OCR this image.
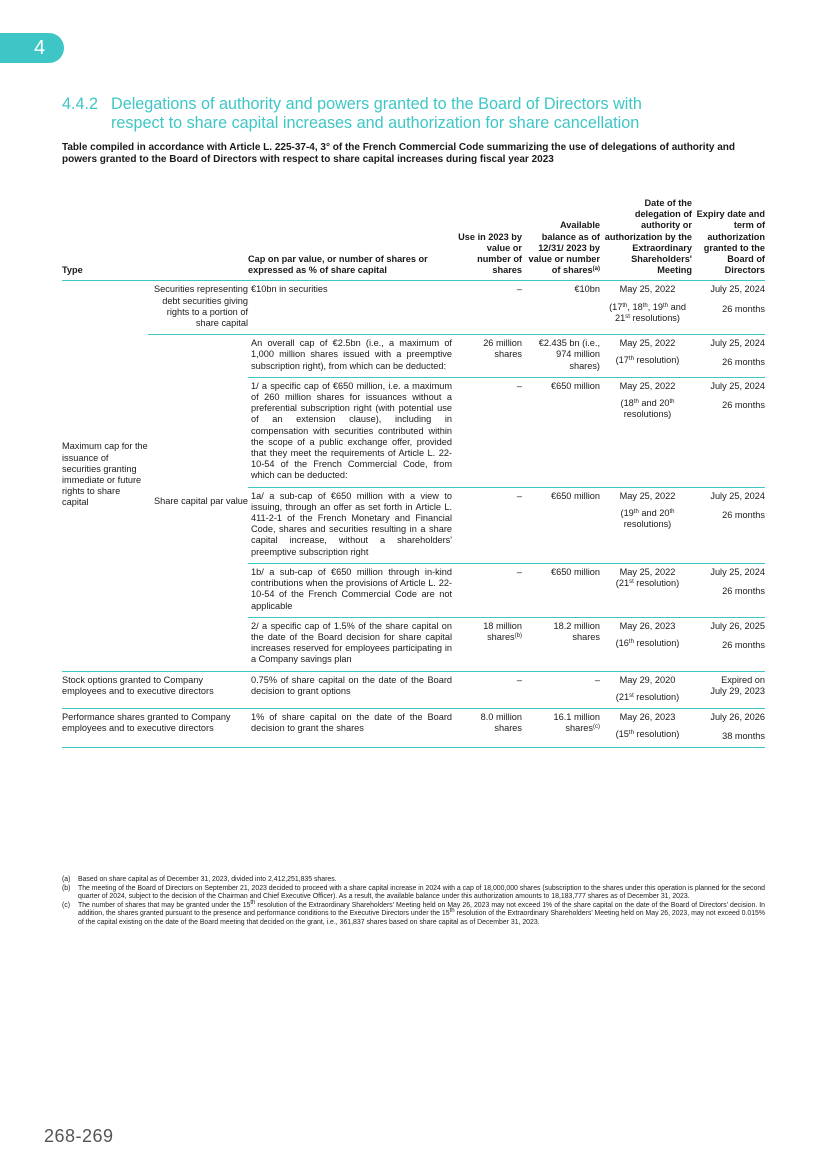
4
4.4.2 Delegations of authority and powers granted to the Board of Directors with
respect to share capital increases and authorization for share cancellation

Table compiled in accordance with Article L. 225-37-4, 3° of the French Commercial Code summarizing the use of delegations of authority and powers granted to the Board of Directors with respect to share capital increases during fiscal year 2023

Type		Cap on par value, or number of shares or expressed as % of share capital	Use in 2023 by value or number of shares	Available balance as of 12/31/ 2023 by value or number of shares$^{(a)}$	Date of the delegation of authority or authorization by the Extraordinary Shareholders' Meeting	Expiry date and term of authorization granted to the Board of Directors
Maximum cap for the issuance of securities granting immediate or future rights to share capital	Securities representing debt securities giving rights to a portion of share capital	€10bn in securities	–	€10bn	May 25, 2022
(17th, 18th, 19th and 21st resolutions)	July 25, 2024
26 months

	Share capital par value	An overall cap of €2.5bn (i.e., a maximum of 1,000 million shares issued with a preemptive subscription right), from which can be deducted:	26 million shares	€2.435 bn (i.e., 974 million shares)	May 25, 2022
(17th resolution)	July 25, 2024
26 months

		1/ a specific cap of €650 million, i.e. a maximum of 260 million shares for issuances without a preferential subscription right (with potential use of an extension clause), including in compensation with securities contributed within the scope of a public exchange offer, provided that they meet the requirements of Article L. 22-10-54 of the French Commercial Code, from which can be deducted:	–	€650 million	May 25, 2022
(18th and 20th resolutions)	July 25, 2024
26 months

		1a/ a sub-cap of €650 million with a view to issuing, through an offer as set forth in Article L. 411-2-1 of the French Monetary and Financial Code, shares and securities resulting in a share capital increase, without a shareholders' preemptive subscription right	–	€650 million	May 25, 2022
(19th and 20th resolutions)	July 25, 2024
26 months

		1b/ a sub-cap of €650 million through in-kind contributions when the provisions of Article L. 22-10-54 of the French Commercial Code are not applicable	–	€650 million	May 25, 2022
(21st resolution)	July 25, 2024
26 months

		2/ a specific cap of 1.5% of the share capital on the date of the Board decision for share capital increases reserved for employees participating in a Company savings plan	18 million shares$^{(b)}$	18.2 million shares	May 26, 2023
(16th resolution)	July 26, 2025
26 months

Stock options granted to Company employees and to executive directors		0.75% of share capital on the date of the Board decision to grant options	–	–	May 29, 2020
(21st resolution)	Expired on
July 29, 2023

Performance shares granted to Company employees and to executive directors		1% of share capital on the date of the Board decision to grant the shares	8.0 million shares	16.1 million shares$^{(c)}$	May 26, 2023
(15th resolution)	July 26, 2026
38 months
(a)	Based on share capital as of December 31, 2023, divided into 2,412,251,835 shares.
(b)	The meeting of the Board of Directors on September 21, 2023 decided to proceed with a share capital increase in 2024 with a cap of 18,000,000 shares (subscription to the shares under this operation is planned for the second quarter of 2024, subject to the decision of the Chairman and Chief Executive Officer). As a result, the available balance under this authorization amounts to 18,183,777 shares as of December 31, 2023.
(c)	The number of shares that may be granted under the 15th resolution of the Extraordinary Shareholders' Meeting held on May 26, 2023 may not exceed 1% of the share capital on the date of the Board of Directors' decision. In addition, the shares granted pursuant to the presence and performance conditions to the Executive Directors under the 15th resolution of the Extraordinary Shareholders' Meeting held on May 26, 2023, may not exceed 0.015% of the capital existing on the date of the Board meeting that decided on the grant, i.e., 361,837 shares based on share capital as of December 31, 2023.
268-269
